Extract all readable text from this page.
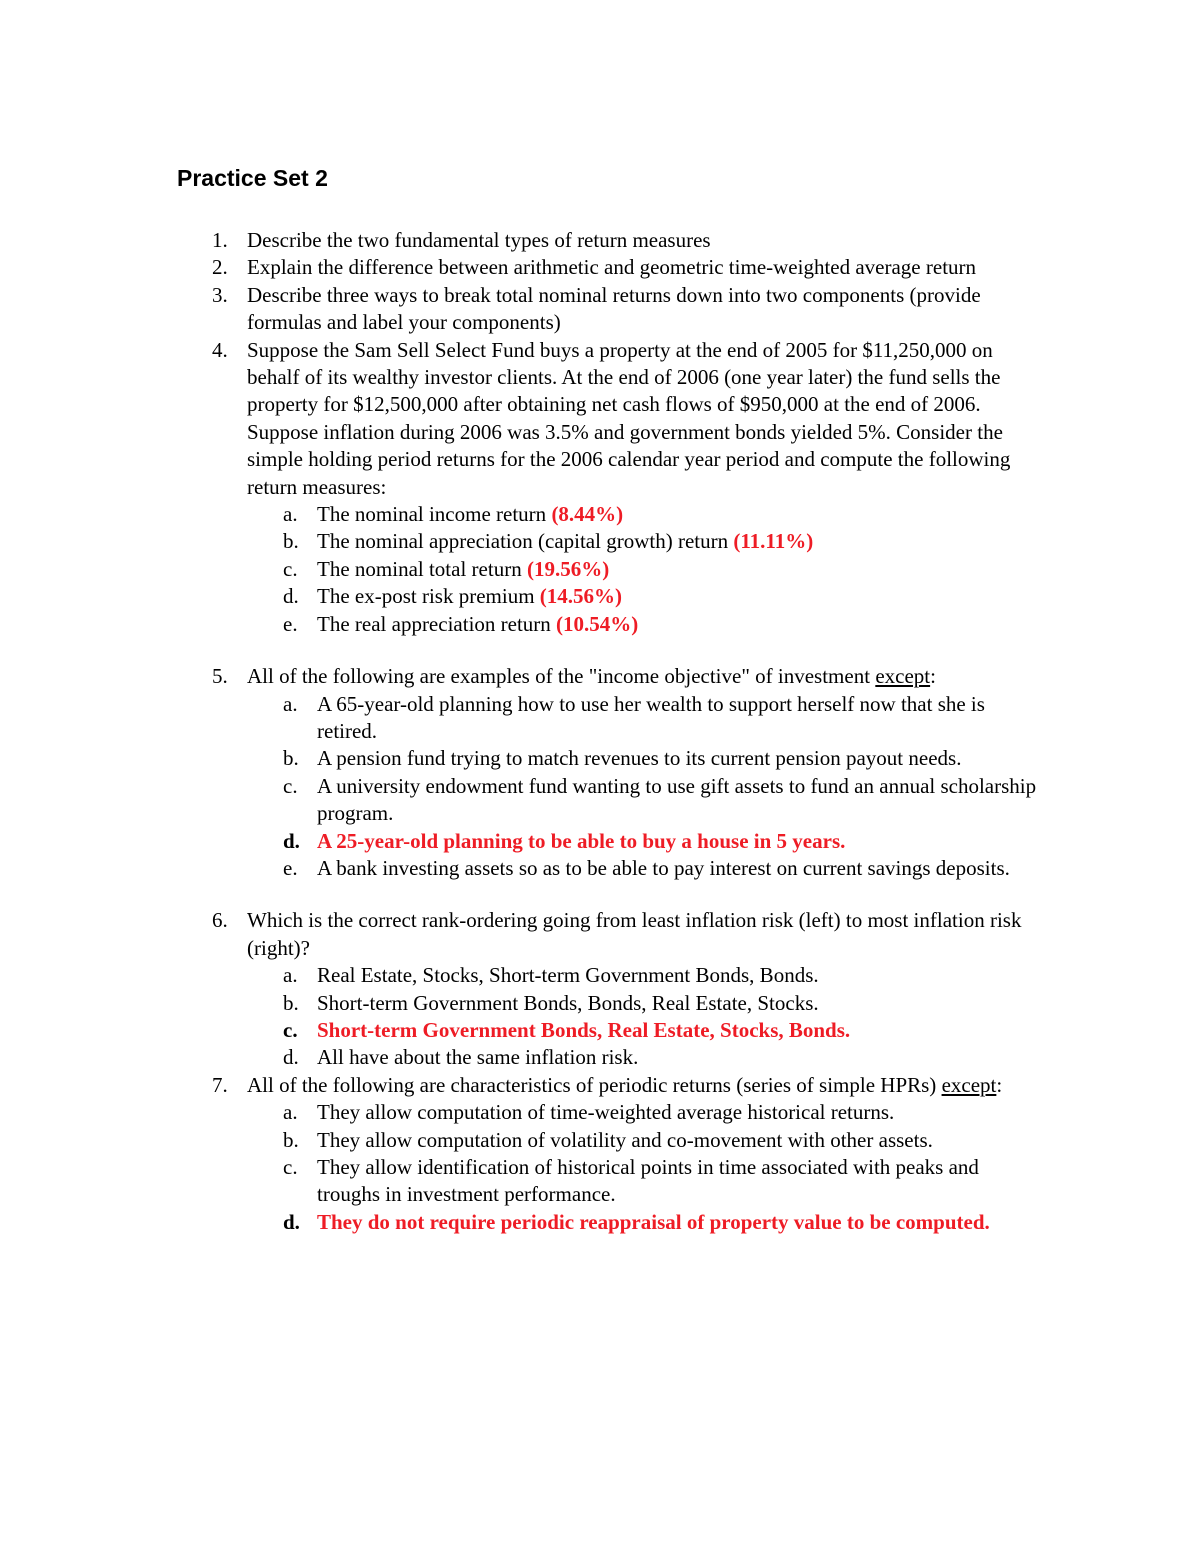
Practice Set 2
1. Describe the two fundamental types of return measures
2. Explain the difference between arithmetic and geometric time-weighted average return
3. Describe three ways to break total nominal returns down into two components (provide formulas and label your components)
4. Suppose the Sam Sell Select Fund buys a property at the end of 2005 for $11,250,000 on behalf of its wealthy investor clients. At the end of 2006 (one year later) the fund sells the property for $12,500,000 after obtaining net cash flows of $950,000 at the end of 2006. Suppose inflation during 2006 was 3.5% and government bonds yielded 5%. Consider the simple holding period returns for the 2006 calendar year period and compute the following return measures:
a. The nominal income return (8.44%)
b. The nominal appreciation (capital growth) return (11.11%)
c. The nominal total return (19.56%)
d. The ex-post risk premium (14.56%)
e. The real appreciation return (10.54%)
5. All of the following are examples of the "income objective" of investment except:
a. A 65-year-old planning how to use her wealth to support herself now that she is retired.
b. A pension fund trying to match revenues to its current pension payout needs.
c. A university endowment fund wanting to use gift assets to fund an annual scholarship program.
d. A 25-year-old planning to be able to buy a house in 5 years.
e. A bank investing assets so as to be able to pay interest on current savings deposits.
6. Which is the correct rank-ordering going from least inflation risk (left) to most inflation risk (right)?
a. Real Estate, Stocks, Short-term Government Bonds, Bonds.
b. Short-term Government Bonds, Bonds, Real Estate, Stocks.
c. Short-term Government Bonds, Real Estate, Stocks, Bonds.
d. All have about the same inflation risk.
7. All of the following are characteristics of periodic returns (series of simple HPRs) except:
a. They allow computation of time-weighted average historical returns.
b. They allow computation of volatility and co-movement with other assets.
c. They allow identification of historical points in time associated with peaks and troughs in investment performance.
d. They do not require periodic reappraisal of property value to be computed.
